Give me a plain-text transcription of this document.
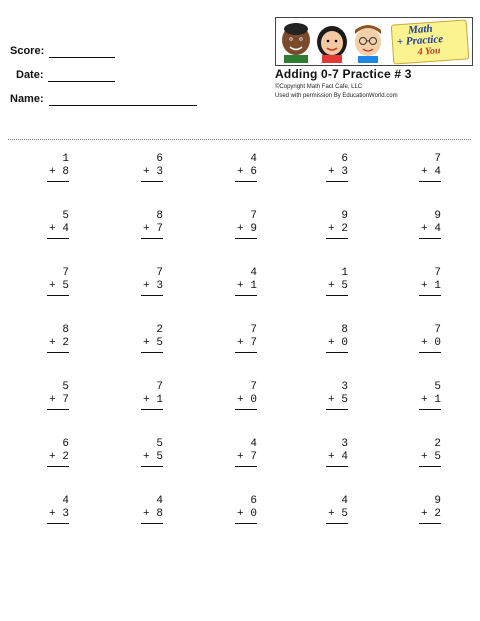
Score:
Date:
Name:
Math
+ Practice
4 You
Adding 0-7 Practice # 3
©Copyright Math Fact Cafe, LLC
Used with permission By EducationWorld.com
1
+ 8
6
+ 3
4
+ 6
6
+ 3
7
+ 4
5
+ 4
8
+ 7
7
+ 9
9
+ 2
9
+ 4
7
+ 5
7
+ 3
4
+ 1
1
+ 5
7
+ 1
8
+ 2
2
+ 5
7
+ 7
8
+ 0
7
+ 0
5
+ 7
7
+ 1
7
+ 0
3
+ 5
5
+ 1
6
+ 2
5
+ 5
4
+ 7
3
+ 4
2
+ 5
4
+ 3
4
+ 8
6
+ 0
4
+ 5
9
+ 2
